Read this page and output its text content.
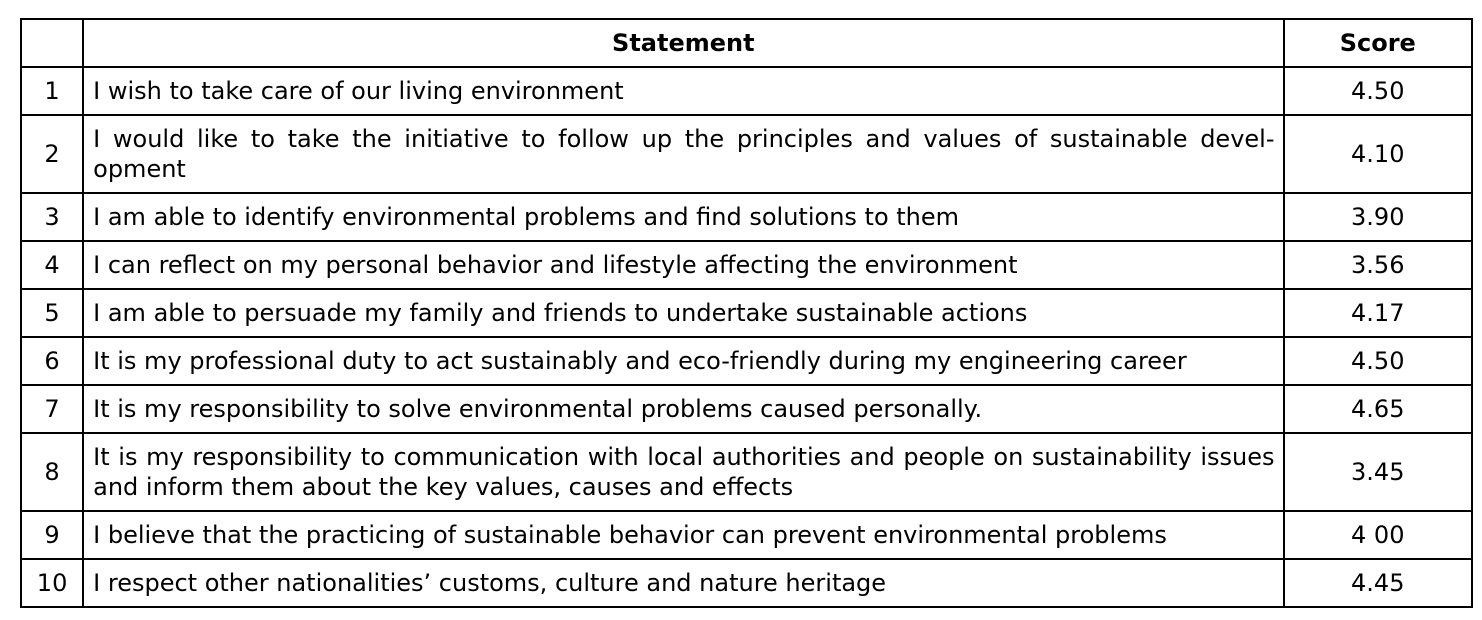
	Statement	Score
1	I wish to take care of our living environment	4.50
2	I would like to take the initiative to follow up the principles and values of sustainable devel-opment	4.10
3	I am able to identify environmental problems and find solutions to them	3.90
4	I can reflect on my personal behavior and lifestyle affecting the environment	3.56
5	I am able to persuade my family and friends to undertake sustainable actions	4.17
6	It is my professional duty to act sustainably and eco-friendly during my engineering career	4.50
7	It is my responsibility to solve environmental problems caused personally.	4.65
8	It is my responsibility to communication with local authorities and people on sustainability issues and inform them about the key values, causes and effects	3.45
9	I believe that the practicing of sustainable behavior can prevent environmental problems	4 00
10	I respect other nationalities’ customs, culture and nature heritage	4.45
